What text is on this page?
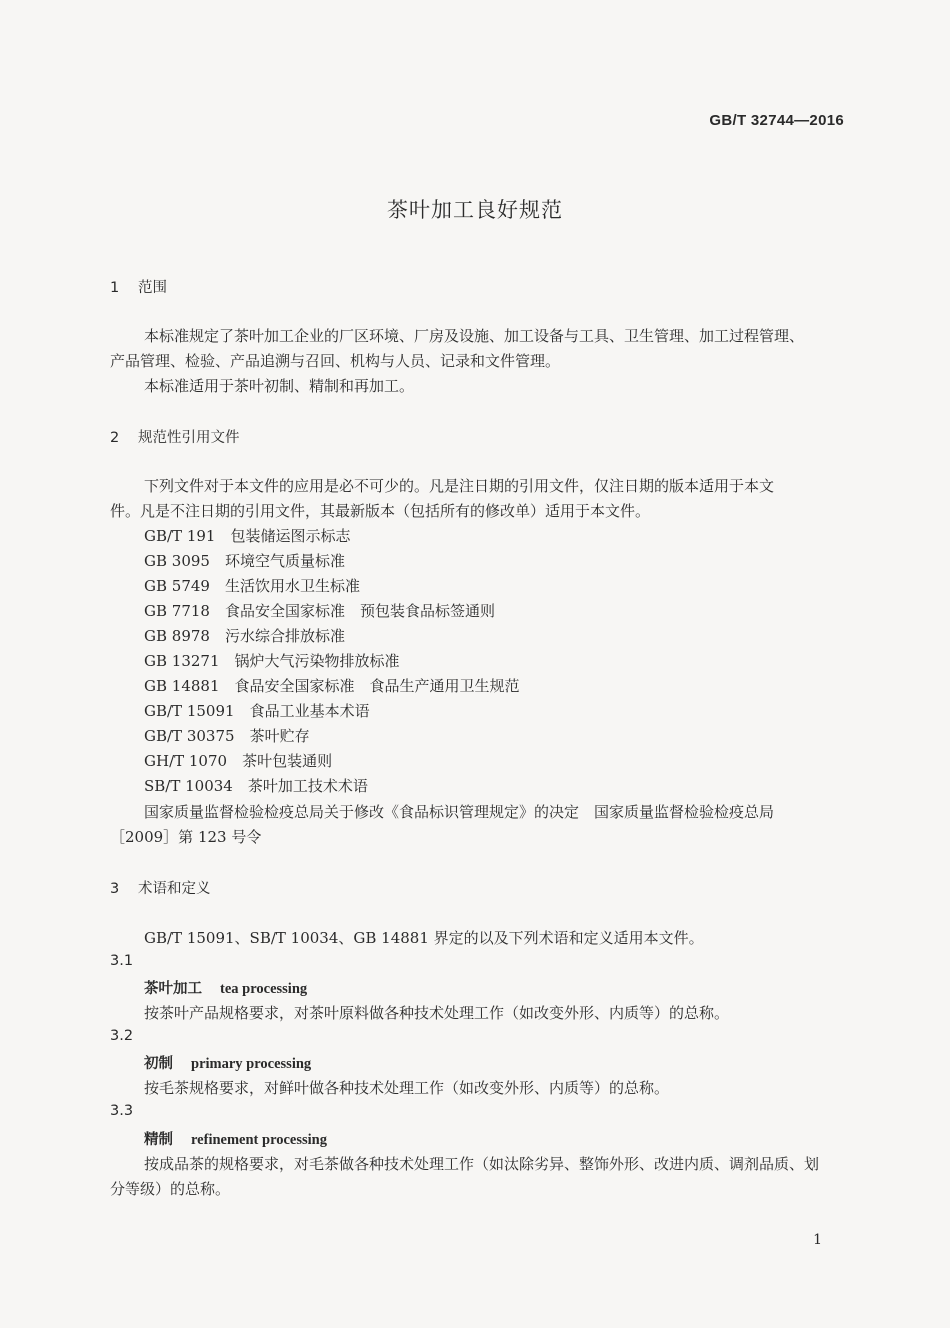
GB/T 32744—2016
茶叶加工良好规范
1 范围
本标准规定了茶叶加工企业的厂区环境、厂房及设施、加工设备与工具、卫生管理、加工过程管理、
产品管理、检验、产品追溯与召回、机构与人员、记录和文件管理。
本标准适用于茶叶初制、精制和再加工。
2 规范性引用文件
下列文件对于本文件的应用是必不可少的。凡是注日期的引用文件，仅注日期的版本适用于本文
件。凡是不注日期的引用文件，其最新版本（包括所有的修改单）适用于本文件。
GB/T 191　 包装储运图示标志
GB 3095　 环境空气质量标准
GB 5749　 生活饮用水卫生标准
GB 7718　 食品安全国家标准　预包装食品标签通则
GB 8978　 污水综合排放标准
GB 13271　 锅炉大气污染物排放标准
GB 14881　 食品安全国家标准　食品生产通用卫生规范
GB/T 15091　 食品工业基本术语
GB/T 30375　 茶叶贮存
GH/T 1070　 茶叶包装通则
SB/T 10034　 茶叶加工技术术语
国家质量监督检验检疫总局关于修改《食品标识管理规定》的决定　国家质量监督检验检疫总局
［2009］第 123 号令
3 术语和定义
GB/T 15091、SB/T 10034、GB 14881 界定的以及下列术语和定义适用本文件。
3.1
茶叶加工 tea processing
按茶叶产品规格要求，对茶叶原料做各种技术处理工作（如改变外形、内质等）的总称。
3.2
初制 primary processing
按毛茶规格要求，对鲜叶做各种技术处理工作（如改变外形、内质等）的总称。
3.3
精制 refinement processing
按成品茶的规格要求，对毛茶做各种技术处理工作（如汰除劣异、整饰外形、改进内质、调剂品质、划
分等级）的总称。
1
